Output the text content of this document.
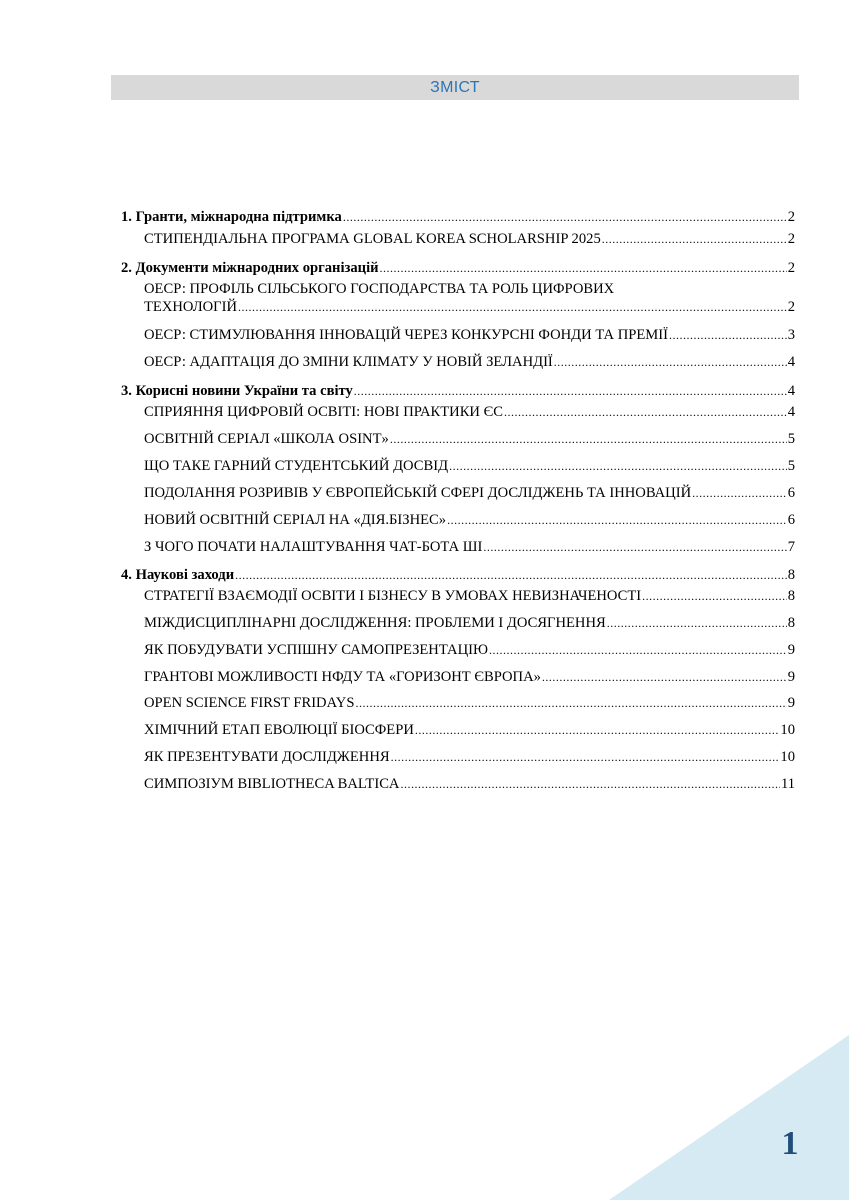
ЗМІСТ
1. Гранти, міжнародна підтримка .....	2
СТИПЕНДІАЛЬНА ПРОГРАМА GLOBAL KOREA SCHOLARSHIP 2025 .....	2
2. Документи міжнародних організацій .....	2
ОЕСР: ПРОФІЛЬ СІЛЬСЬКОГО ГОСПОДАРСТВА ТА РОЛЬ ЦИФРОВИХ
ТЕХНОЛОГІЙ .....	2
ОЕСР: СТИМУЛЮВАННЯ ІННОВАЦІЙ ЧЕРЕЗ КОНКУРСНІ ФОНДИ ТА ПРЕМІЇ .....	3
ОЕСР: АДАПТАЦІЯ ДО ЗМІНИ КЛІМАТУ У НОВІЙ ЗЕЛАНДІЇ .....	4
3. Корисні новини України та світу .....	4
СПРИЯННЯ ЦИФРОВІЙ ОСВІТІ: НОВІ ПРАКТИКИ ЄС .....	4
ОСВІТНІЙ СЕРІАЛ «ШКОЛА OSINT» .....	5
ЩО ТАКЕ ГАРНИЙ СТУДЕНТСЬКИЙ ДОСВІД .....	5
ПОДОЛАННЯ РОЗРИВІВ У ЄВРОПЕЙСЬКІЙ СФЕРІ ДОСЛІДЖЕНЬ ТА ІННОВАЦІЙ .....	6
НОВИЙ ОСВІТНІЙ СЕРІАЛ НА «ДІЯ.БІЗНЕС» .....	6
З ЧОГО ПОЧАТИ НАЛАШТУВАННЯ ЧАТ-БОТА ШІ .....	7
4. Наукові заходи .....	8
СТРАТЕГІЇ ВЗАЄМОДІЇ ОСВІТИ І БІЗНЕСУ В УМОВАХ НЕВИЗНАЧЕНОСТІ .....	8
МІЖДИСЦИПЛІНАРНІ ДОСЛІДЖЕННЯ: ПРОБЛЕМИ І ДОСЯГНЕННЯ .....	8
ЯК ПОБУДУВАТИ УСПІШНУ САМОПРЕЗЕНТАЦІЮ .....	9
ГРАНТОВІ МОЖЛИВОСТІ НФДУ ТА «ГОРИЗОНТ ЄВРОПА» .....	9
OPEN SCIENCE FIRST FRIDAYS .....	9
ХІМІЧНИЙ ЕТАП ЕВОЛЮЦІЇ БІОСФЕРИ .....	10
ЯК ПРЕЗЕНТУВАТИ ДОСЛІДЖЕННЯ .....	10
СИМПОЗІУМ BIBLIOTHECA BALTICA .....	11
1
